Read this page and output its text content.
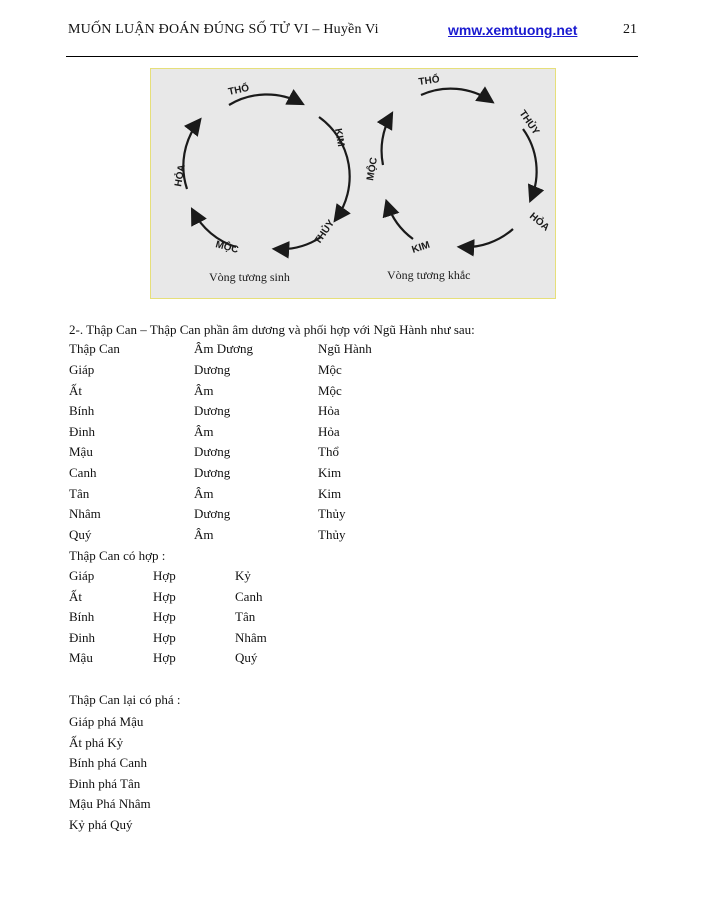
MUỐN LUẬN ĐOÁN ĐÚNG SỐ TỬ VI – Huyền Vi	wmw.xemtuong.net	21
THỔ
KIM
THỦY
MỘC
HỎA
THỔ
THỦY
HỎA
KIM
MỘC
Vòng tương sinh	Vòng tương khắc
2-. Thập Can – Thập Can phần âm dương và phối hợp với Ngũ Hành như sau:
Thập Can	Âm Dương	Ngũ Hành
Giáp	Dương	Mộc
Ất	Âm	Mộc
Bính	Dương	Hỏa
Đinh	Âm	Hỏa
Mậu	Dương	Thổ
Canh	Dương	Kim
Tân	Âm	Kim
Nhâm	Dương	Thủy
Quý	Âm	Thủy
Thập Can có hợp :
Giáp	Hợp	Kỷ
Ất	Hợp	Canh
Bính	Hợp	Tân
Đinh	Hợp	Nhâm
Mậu	Hợp	Quý
Thập Can lại có phá :
Giáp phá Mậu
Ất phá Kỷ
Bính phá Canh
Đinh phá Tân
Mậu Phá Nhâm
Kỷ phá Quý
